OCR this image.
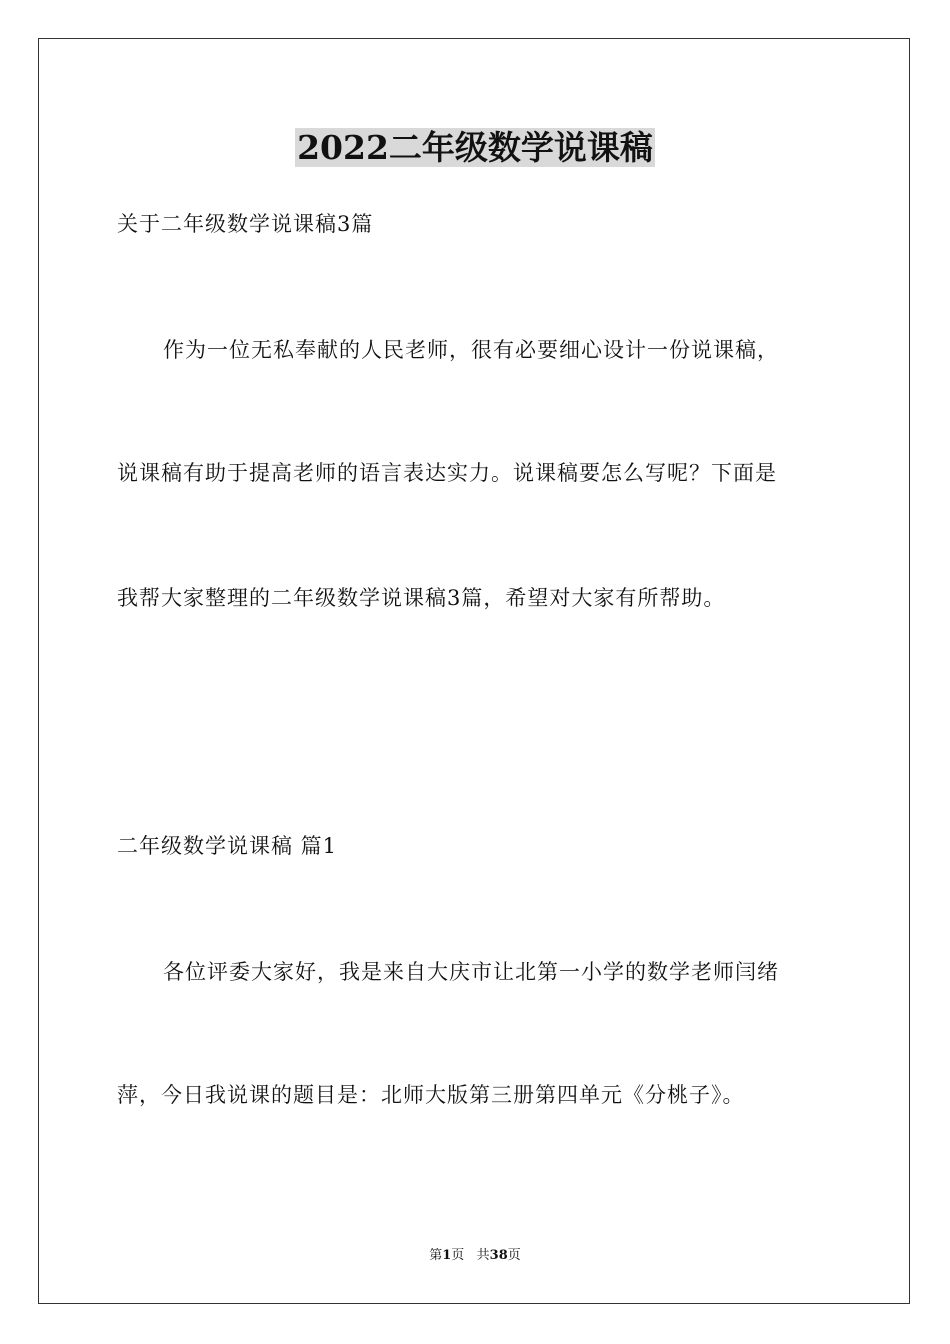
2022二年级数学说课稿
关于二年级数学说课稿3篇
作为一位无私奉献的人民老师，很有必要细心设计一份说课稿，
说课稿有助于提高老师的语言表达实力。说课稿要怎么写呢？下面是
我帮大家整理的二年级数学说课稿3篇，希望对大家有所帮助。
二年级数学说课稿 篇1
各位评委大家好，我是来自大庆市让北第一小学的数学老师闫绪
萍，今日我说课的题目是：北师大版第三册第四单元《分桃子》。
第1页   共38页
